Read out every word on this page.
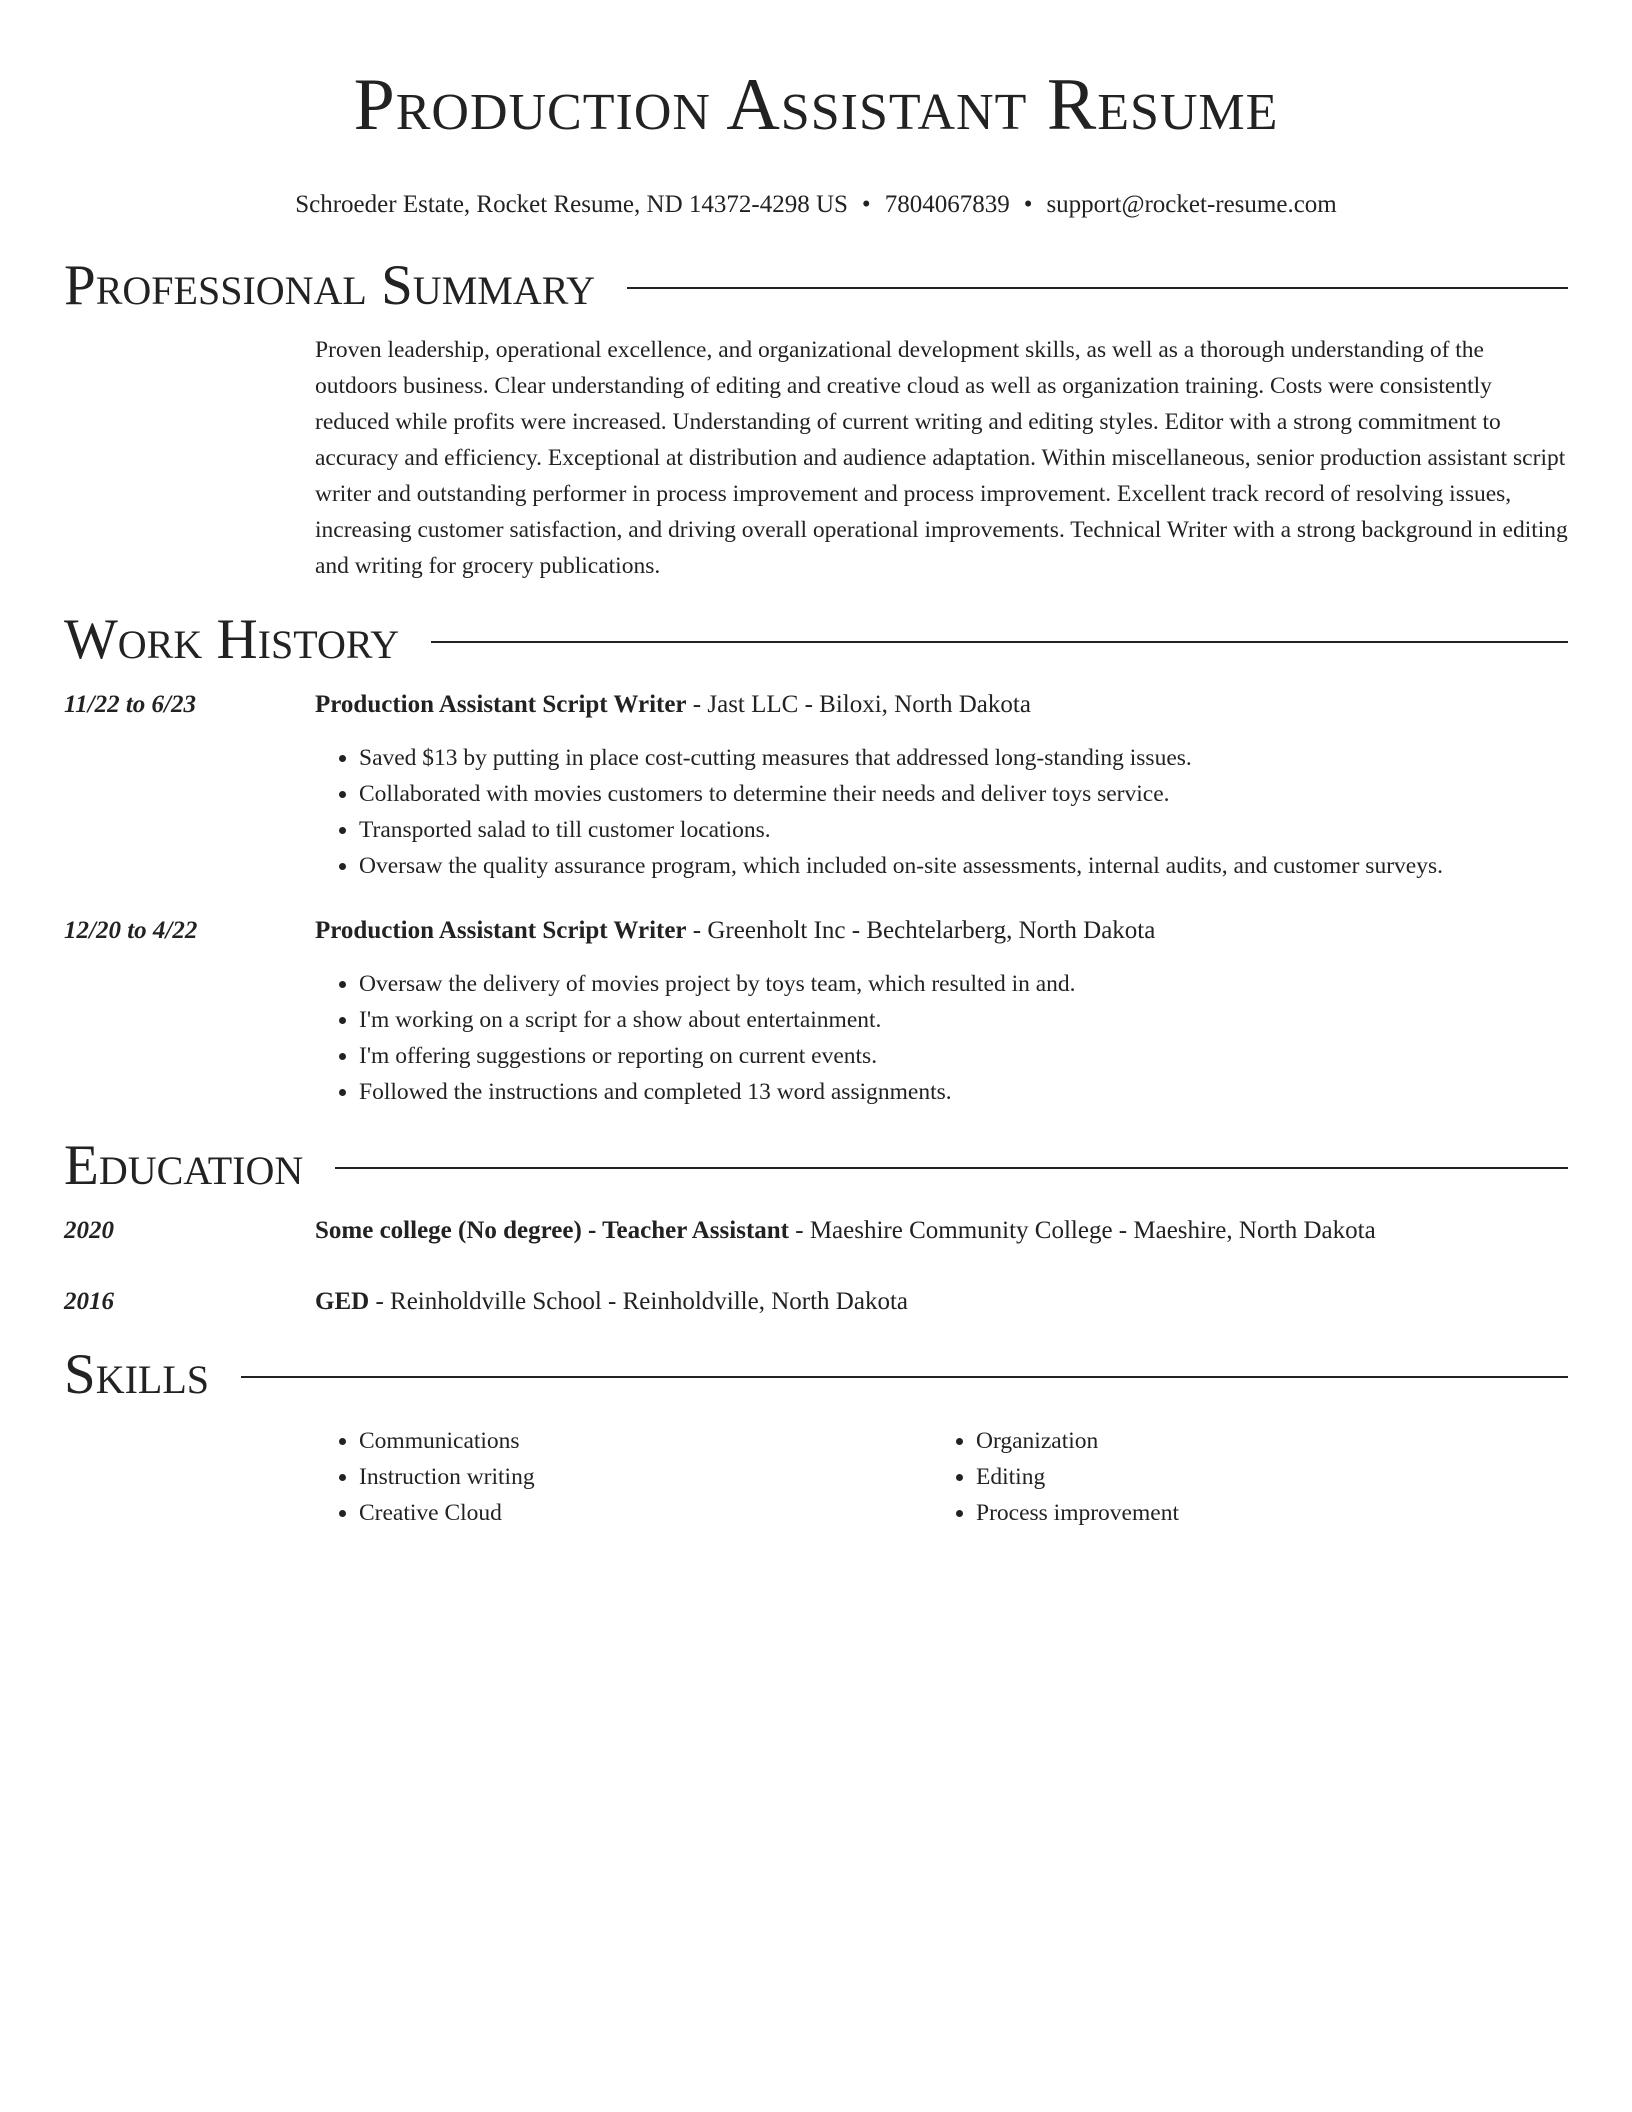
Production Assistant Resume
Schroeder Estate, Rocket Resume, ND 14372-4298 US • 7804067839 • support@rocket-resume.com
Professional Summary

Proven leadership, operational excellence, and organizational development skills, as well as a thorough understanding of the outdoors business. Clear understanding of editing and creative cloud as well as organization training. Costs were consistently reduced while profits were increased. Understanding of current writing and editing styles. Editor with a strong commitment to accuracy and efficiency. Exceptional at distribution and audience adaptation. Within miscellaneous, senior production assistant script writer and outstanding performer in process improvement and process improvement. Excellent track record of resolving issues, increasing customer satisfaction, and driving overall operational improvements. Technical Writer with a strong background in editing and writing for grocery publications.

Work History
11/22 to 6/23	Production Assistant Script Writer - Jast LLC - Biloxi, North Dakota
• Saved $13 by putting in place cost-cutting measures that addressed long-standing issues.
• Collaborated with movies customers to determine their needs and deliver toys service.
• Transported salad to till customer locations.
• Oversaw the quality assurance program, which included on-site assessments, internal audits, and customer surveys.
12/20 to 4/22	Production Assistant Script Writer - Greenholt Inc - Bechtelarberg, North Dakota
• Oversaw the delivery of movies project by toys team, which resulted in and.
• I'm working on a script for a show about entertainment.
• I'm offering suggestions or reporting on current events.
• Followed the instructions and completed 13 word assignments.
Education
2020	Some college (No degree) - Teacher Assistant - Maeshire Community College - Maeshire, North Dakota
2016	GED - Reinholdville School - Reinholdville, North Dakota
Skills
• Communications
• Instruction writing
• Creative Cloud
• Organization
• Editing
• Process improvement
